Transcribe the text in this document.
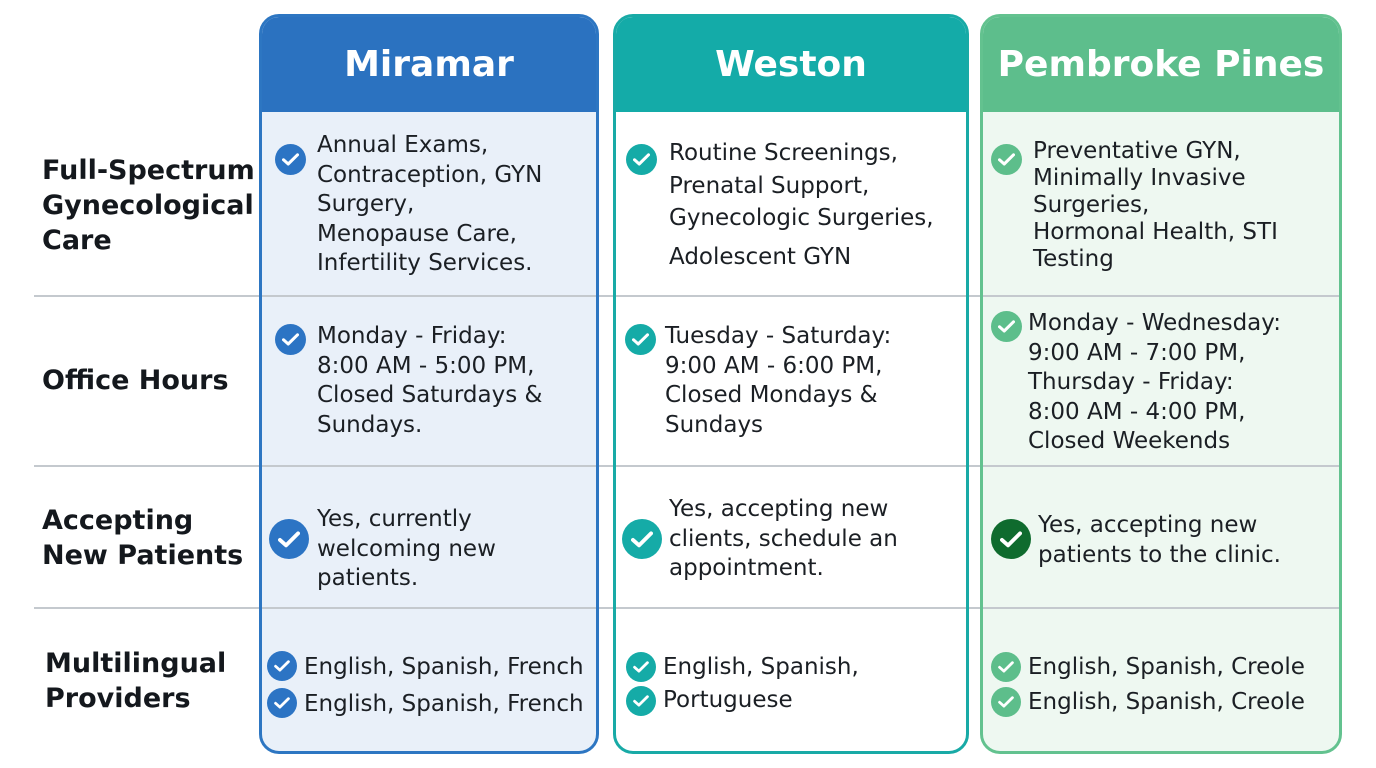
Full-Spectrum
Gynecological
Care
Office Hours
Accepting
New Patients
Multilingual
Providers
Miramar
Annual Exams,
Contraception, GYN
Surgery,
Menopause Care,
Infertility Services.
Monday - Friday:
8:00 AM - 5:00 PM,
Closed Saturdays &
Sundays.
Yes, currently
welcoming new
patients.
English, Spanish, French
English, Spanish, French
Weston
Routine Screenings,
Prenatal Support,
Gynecologic Surgeries,
Adolescent GYN
Tuesday - Saturday:
9:00 AM - 6:00 PM,
Closed Mondays &
Sundays
Yes, accepting new
clients, schedule an
appointment.
English, Spanish,
Portuguese
Pembroke Pines
Preventative GYN,
Minimally Invasive
Surgeries,
Hormonal Health, STI
Testing
Monday - Wednesday:
9:00 AM - 7:00 PM,
Thursday - Friday:
8:00 AM - 4:00 PM,
Closed Weekends
Yes, accepting new
patients to the clinic.
English, Spanish, Creole
English, Spanish, Creole
